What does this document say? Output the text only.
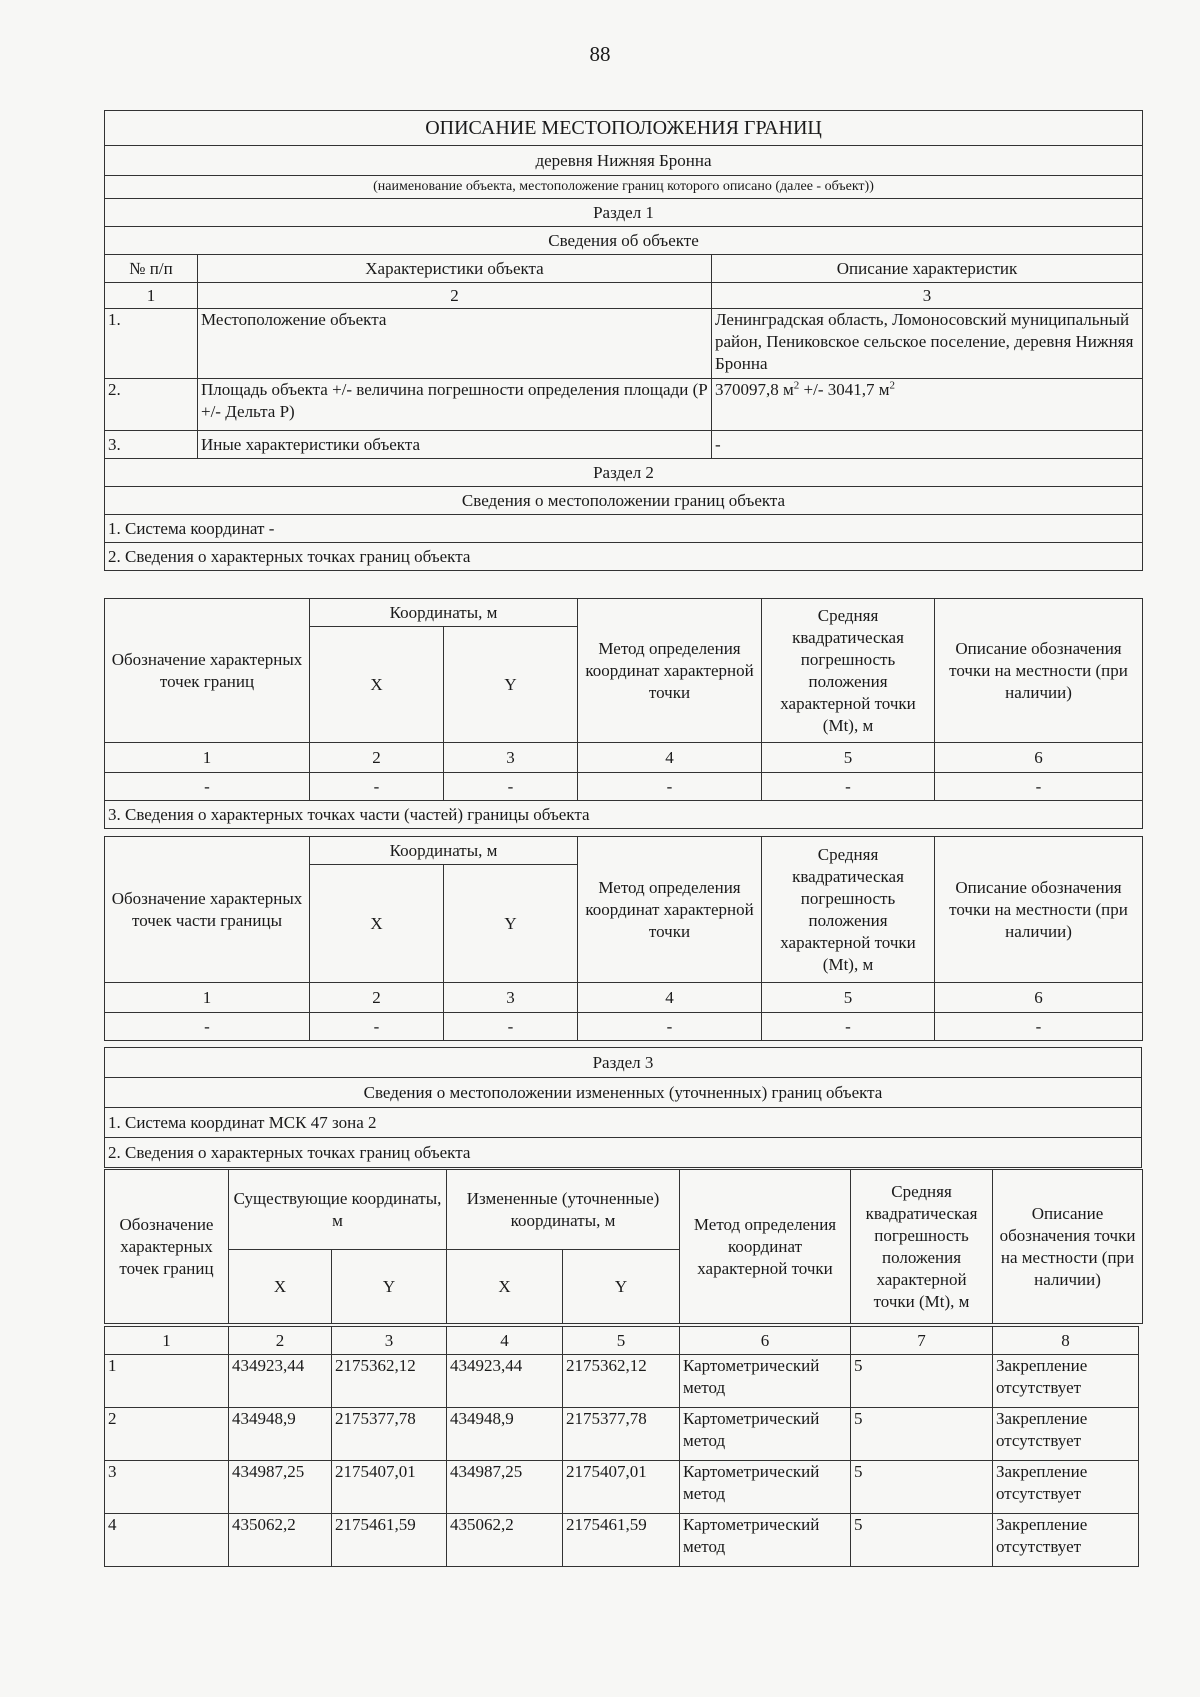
88
ОПИСАНИЕ МЕСТОПОЛОЖЕНИЯ ГРАНИЦ		
деревня Нижняя Бронна		
(наименование объекта, местоположение границ которого описано (далее - объект))		
Раздел 1		
Сведения об объекте		
№ п/п	Характеристики объекта	Описание характеристик
1	2	3
1.	Местоположение объекта	Ленинградская область, Ломоносовский муниципальный район, Пениковское сельское поселение, деревня Нижняя Бронна
2.	Площадь объекта +/- величина погрешности определения площади (P +/- Дельта P)	370097,8 $м^2$ +/- 3041,7 $м^2$
3.	Иные характеристики объекта	-
Раздел 2		
Сведения о местоположении границ объекта		
1. Система координат -		
2. Сведения о характерных точках границ объекта		
Обозначение характерных точек границ	Координаты, м		Метод определения координат характерной точки	Средняя квадратическая погрешность положения характерной точки (Mt), м	Описание обозначения точки на местности (при наличии)
	X	Y			
1	2	3	4	5	6
-	-	-	-	-	-
3. Сведения о характерных точках части (частей) границы объекта					
Обозначение характерных точек части границы	Координаты, м		Метод определения координат характерной точки	Средняя квадратическая погрешность положения характерной точки (Mt), м	Описание обозначения точки на местности (при наличии)
	X	Y			
1	2	3	4	5	6
-	-	-	-	-	-
Раздел 3
Сведения о местоположении измененных (уточненных) границ объекта
1. Система координат МСК 47 зона 2
2. Сведения о характерных точках границ объекта
Обозначение характерных точек границ	Существующие координаты, м		Измененные (уточненные) координаты, м		Метод определения координат характерной точки	Средняя квадратическая погрешность положения характерной точки (Mt), м	Описание обозначения точки на местности (при наличии)
	X	Y	X	Y			
1	2	3	4	5	6	7	8
1	434923,44	2175362,12	434923,44	2175362,12	Картометрический метод	5	Закрепление отсутствует
2	434948,9	2175377,78	434948,9	2175377,78	Картометрический метод	5	Закрепление отсутствует
3	434987,25	2175407,01	434987,25	2175407,01	Картометрический метод	5	Закрепление отсутствует
4	435062,2	2175461,59	435062,2	2175461,59	Картометрический метод	5	Закрепление отсутствует
